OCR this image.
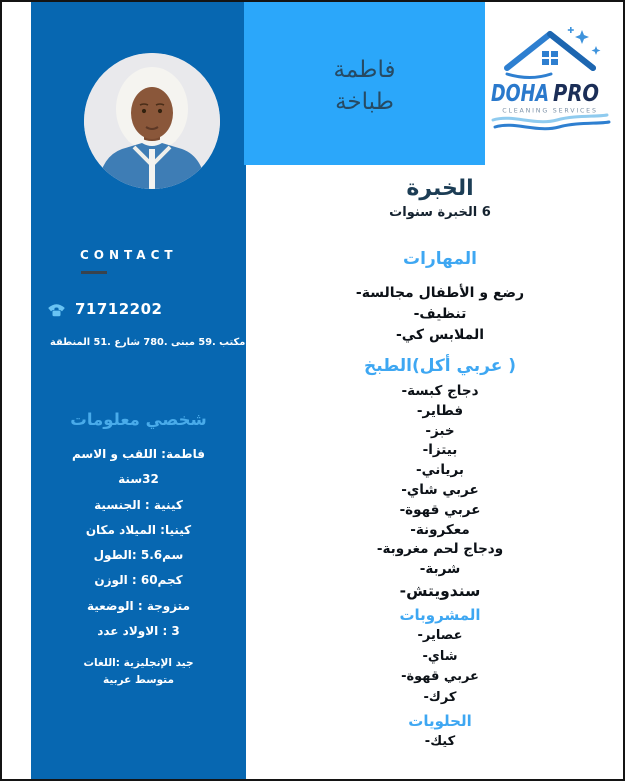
CONTACT
71712202
المنطقة‎ 51. ‎شارع‎ 780. ‎مبنى‎ 59. ‎مكتب‎ 208
معلومات‎ شخصي
الاسم‎ و‎ اللقب‎ :فاطمة
سنة‎32
الجنسية‎ : كينية
مكان‎ الميلاد‎ :كينيا
الطول:‎ 5.6‎سم
الوزن‎ : 60‎كجم
الوضعية‎ : متزوجة
عدد‎ الاولاد‎ : 3
اللغات:‎ الإنجليزية‎ جيد
عربية‎ متوسط
فاطمة
طباخة	DOHA PRO
CLEANING SERVICES
الخبرة
سنوات‎ الخبرة‎ 6
المهارات
-مجالسة‎ الأطفال‎ و‎ رضع
-تنظيف
-كي‎ الملابس
الطبخ‎(أكل‎ عربي‎ )
-كبسة‎ دجاج
-فطاير
-خبز
-بيتزا
-برياني
-شاي‎ عربي
-قهوة‎ عربي
-معكرونة
-مغروبة‎ لحم‎ ودجاج
-شربة
-سندويتش
المشروبات
-عصاير
-شاي
-قهوة‎ عربي
-كرك
الحلويات
-كيك
